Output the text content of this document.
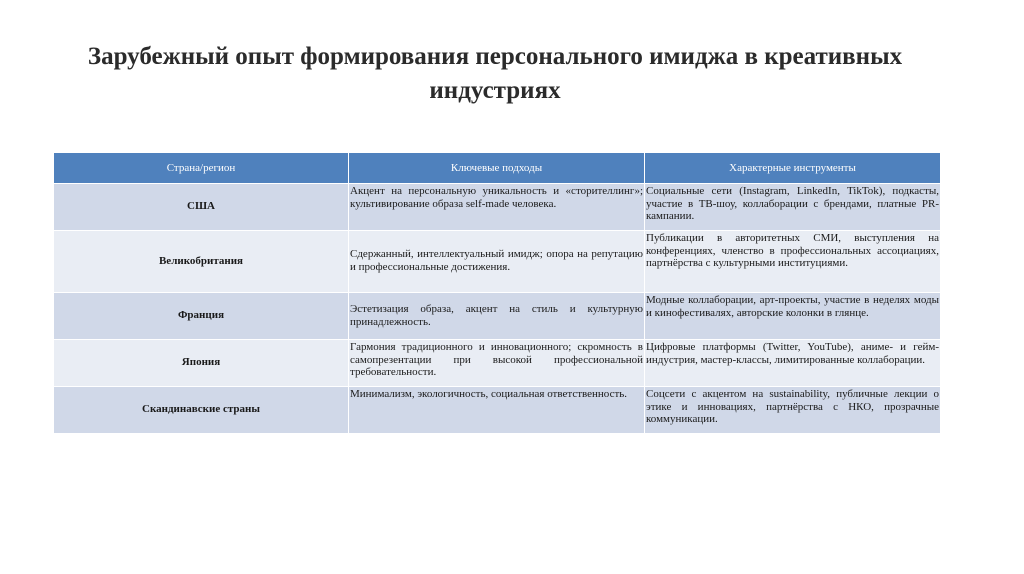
Зарубежный опыт формирования персонального имиджа в креативных индустриях
Страна/регион	Ключевые подходы	Характерные инструменты
США	Акцент на персональную уникальность и «сторителлинг»; культивирование образа self-made человека.	Социальные сети (Instagram, LinkedIn, TikTok), подкасты, участие в ТВ-шоу, коллаборации с брендами, платные PR-кампании.
Великобритания	Сдержанный, интеллектуальный имидж; опора на репутацию и профессиональные достижения.	Публикации в авторитетных СМИ, выступления на конференциях, членство в профессиональных ассоциациях, партнёрства с культурными институциями.
Франция	Эстетизация образа, акцент на стиль и культурную принадлежность.	Модные коллаборации, арт-проекты, участие в неделях моды и кинофестивалях, авторские колонки в глянце.
Япония	Гармония традиционного и инновационного; скромность в самопрезентации при высокой профессиональной требовательности.	Цифровые платформы (Twitter, YouTube), аниме- и гейм-индустрия, мастер-классы, лимитированные коллаборации.
Скандинавские страны	Минимализм, экологичность, социальная ответственность.	Соцсети с акцентом на sustainability, публичные лекции о этике и инновациях, партнёрства с НКО, прозрачные коммуникации.
